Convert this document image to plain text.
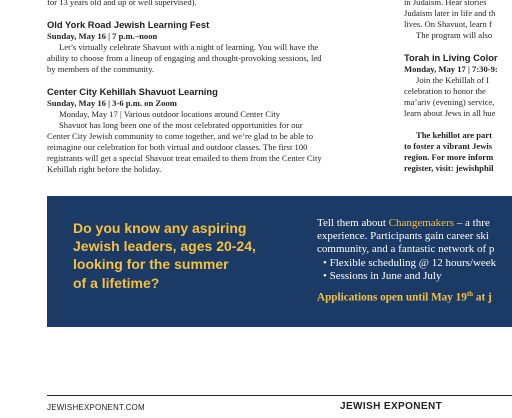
for 13 years old and up or well supervised).

Old York Road Jewish Learning Fest

Sunday, May 16 | 7 p.m.–noon

Let’s virtually celebrate Shavuot with a night of learning. You will have the

ability to choose from a lineup of engaging and thought-provoking sessions, led

by members of the community.

Center City Kehillah Shavuot Learning

Sunday, May 16 | 3-6 p.m. on Zoom

Monday, May 17 | Various outdoor locations around Center City

Shavuot has long been one of the most celebrated opportunities for our

Center City Jewish community to come together, and we’re glad to be able to

reimagine our celebration for both virtual and outdoor classes. The first 100

registrants will get a special Shavuot treat emailed to them from the Center City

Kehillah right before the holiday.

in Judaism. Hear stories

Judaism later in life and th

lives. On Shavuot, learn f

The program will also

Torah in Living Color

Monday, May 17 | 7:30-9:

Join the Kehillah of I

celebration to honor the

ma’ariv (evening) service,

learn about Jews in all hue

The kehillot are part

to foster a vibrant Jewis

region. For more inform

register, visit: jewishphil

Do you know any aspiring
Jewish leaders, ages 20-24,
looking for the summer
of a lifetime?

Tell them about Changemakers – a thre

experience. Participants gain career ski

community, and a fantastic network of p

• Flexible scheduling @ 12 hours/week

• Sessions in June and July

Applications open until May 19th at j

JEWISHEXPONENT.COM	JEWISH EXPONENT
